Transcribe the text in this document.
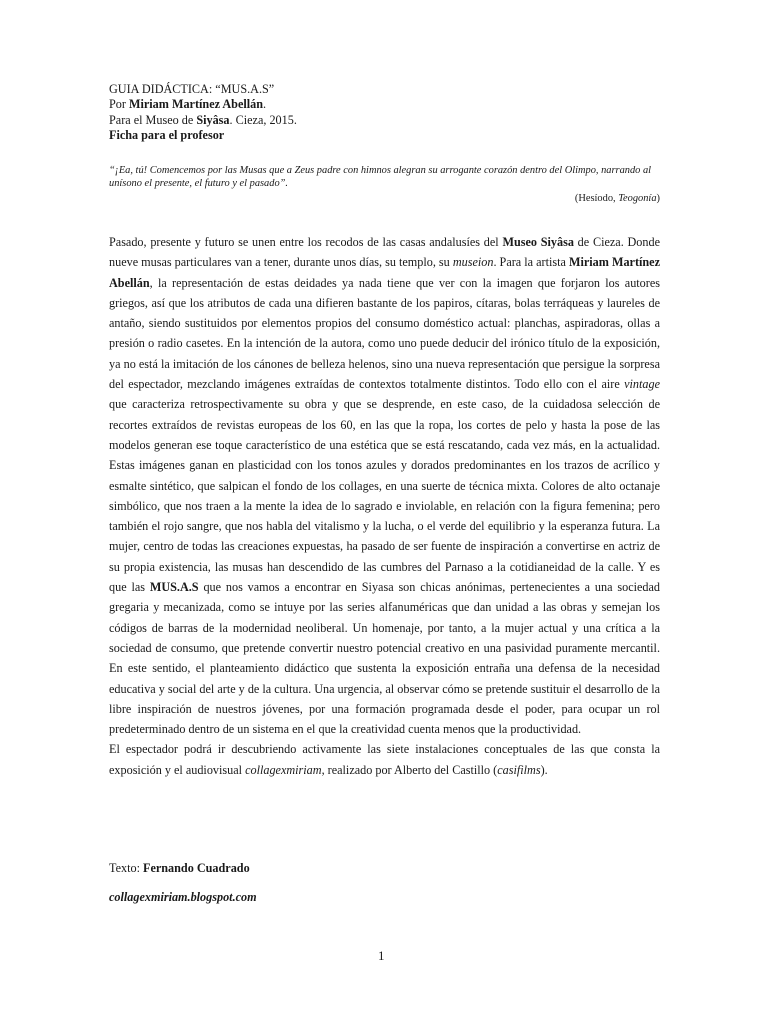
GUIA DIDÁCTICA: “MUS.A.S”
Por Miriam Martínez Abellán.
Para el Museo de Siyâsa. Cieza, 2015.
Ficha para el profesor
“¡Ea, tú! Comencemos por las Musas que a Zeus padre con himnos alegran su arrogante corazón dentro del Olimpo, narrando al unísono el presente, el futuro y el pasado”.
(Hesíodo, Teogonía)

Pasado, presente y futuro se unen entre los recodos de las casas andalusíes del Museo Siyâsa de Cieza. Donde nueve musas particulares van a tener, durante unos días, su templo, su museion. Para la artista Miriam Martínez Abellán, la representación de estas deidades ya nada tiene que ver con la imagen que forjaron los autores griegos, así que los atributos de cada una difieren bastante de los papiros, cítaras, bolas terráqueas y laureles de antaño, siendo sustituidos por elementos propios del consumo doméstico actual: planchas, aspiradoras, ollas a presión o radio casetes. En la intención de la autora, como uno puede deducir del irónico título de la exposición, ya no está la imitación de los cánones de belleza helenos, sino una nueva representación que persigue la sorpresa del espectador, mezclando imágenes extraídas de contextos totalmente distintos. Todo ello con el aire vintage que caracteriza retrospectivamente su obra y que se desprende, en este caso, de la cuidadosa selección de recortes extraídos de revistas europeas de los 60, en las que la ropa, los cortes de pelo y hasta la pose de las modelos generan ese toque característico de una estética que se está rescatando, cada vez más, en la actualidad. Estas imágenes ganan en plasticidad con los tonos azules y dorados predominantes en los trazos de acrílico y esmalte sintético, que salpican el fondo de los collages, en una suerte de técnica mixta. Colores de alto octanaje simbólico, que nos traen a la mente la idea de lo sagrado e inviolable, en relación con la figura femenina; pero también el rojo sangre, que nos habla del vitalismo y la lucha, o el verde del equilibrio y la esperanza futura. La mujer, centro de todas las creaciones expuestas, ha pasado de ser fuente de inspiración a convertirse en actriz de su propia existencia, las musas han descendido de las cumbres del Parnaso a la cotidianeidad de la calle. Y es que las MUS.A.S que nos vamos a encontrar en Siyasa son chicas anónimas, pertenecientes a una sociedad gregaria y mecanizada, como se intuye por las series alfanuméricas que dan unidad a las obras y semejan los códigos de barras de la modernidad neoliberal. Un homenaje, por tanto, a la mujer actual y una crítica a la sociedad de consumo, que pretende convertir nuestro potencial creativo en una pasividad puramente mercantil. En este sentido, el planteamiento didáctico que sustenta la exposición entraña una defensa de la necesidad educativa y social del arte y de la cultura. Una urgencia, al observar cómo se pretende sustituir el desarrollo de la libre inspiración de nuestros jóvenes, por una formación programada desde el poder, para ocupar un rol predeterminado dentro de un sistema en el que la creatividad cuenta menos que la productividad.

El espectador podrá ir descubriendo activamente las siete instalaciones conceptuales de las que consta la exposición y el audiovisual collagexmiriam, realizado por Alberto del Castillo (casifilms).

Texto: Fernando Cuadrado
collagexmiriam.blogspot.com
1
